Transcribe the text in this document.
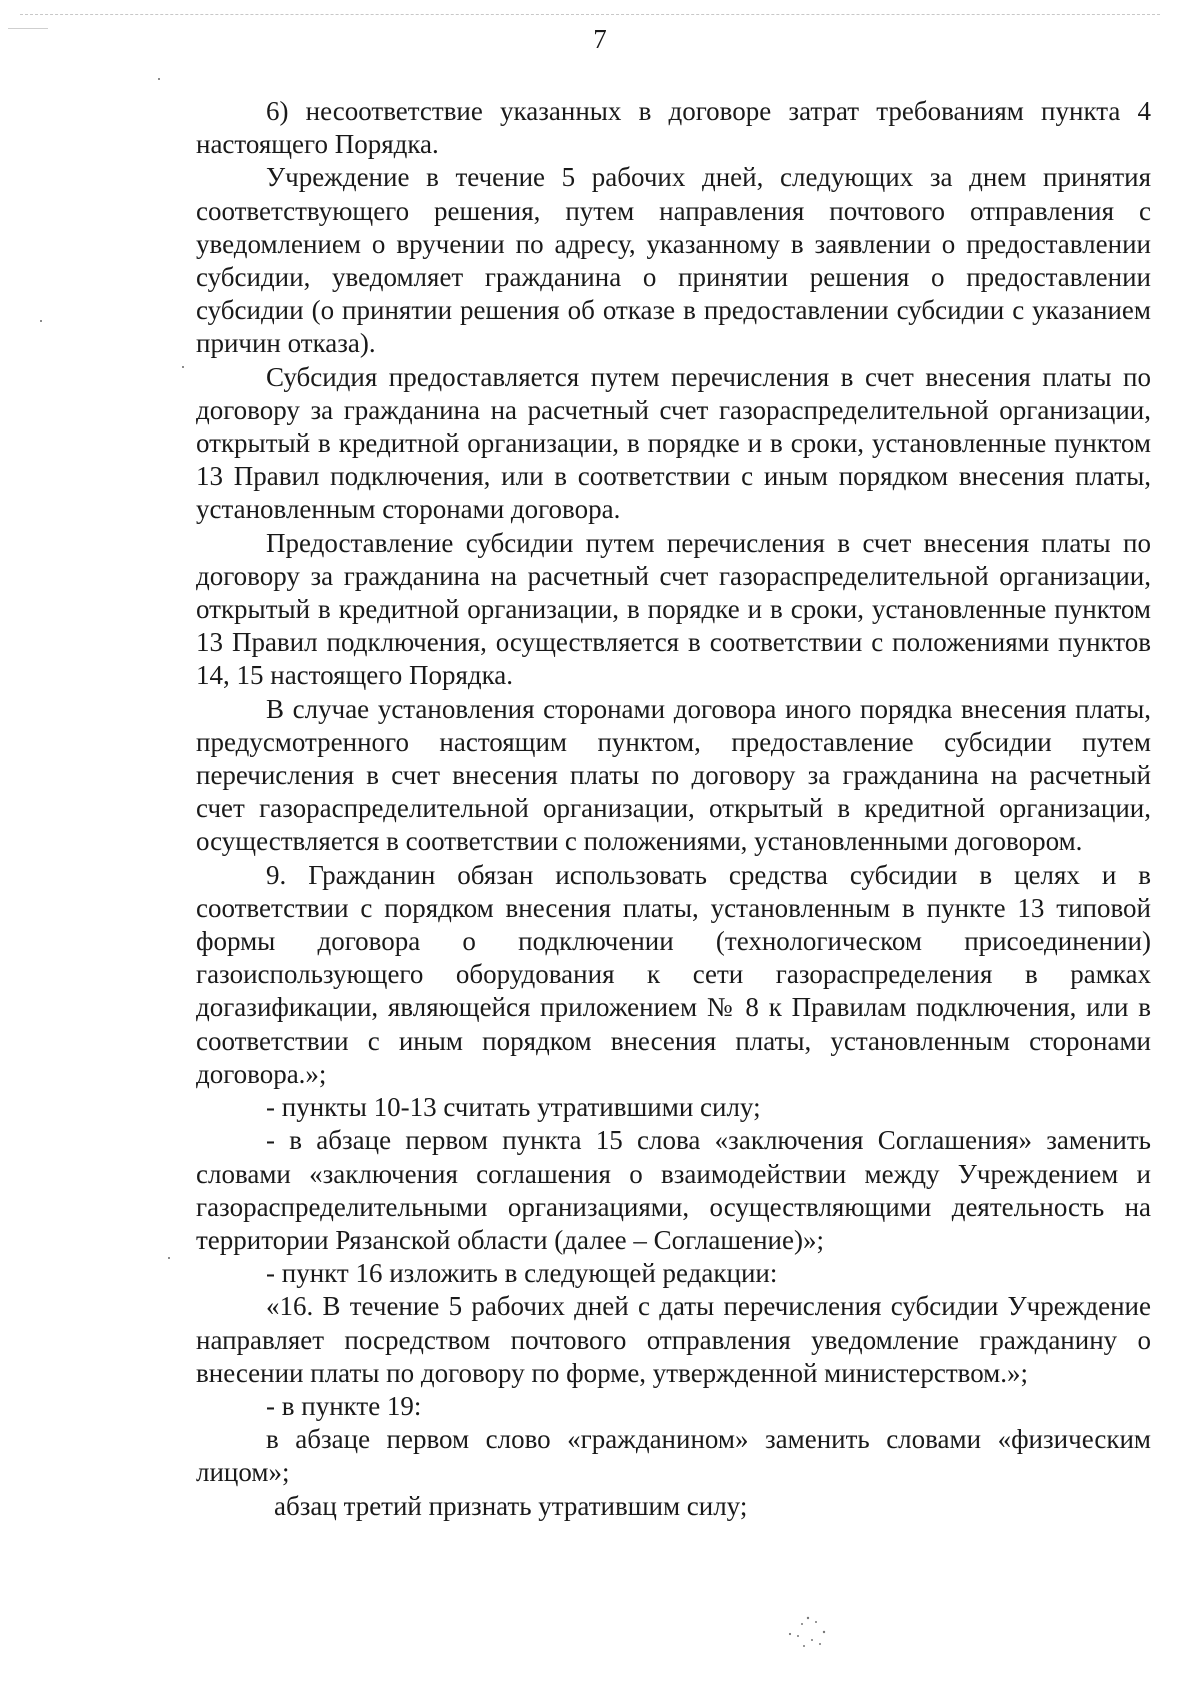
7

6) несоответствие указанных в договоре затрат требованиям пункта 4 настоящего Порядка.

Учреждение в течение 5 рабочих дней, следующих за днем принятия соответствующего решения, путем направления почтового отправления с уведомлением о вручении по адресу, указанному в заявлении о предоставлении субсидии, уведомляет гражданина о принятии решения о предоставлении субсидии (о принятии решения об отказе в предоставлении субсидии с указанием причин отказа).

Субсидия предоставляется путем перечисления в счет внесения платы по договору за гражданина на расчетный счет газораспределительной организации, открытый в кредитной организации, в порядке и в сроки, установленные пунктом 13 Правил подключения, или в соответствии с иным порядком внесения платы, установленным сторонами договора.

Предоставление субсидии путем перечисления в счет внесения платы по договору за гражданина на расчетный счет газораспределительной организации, открытый в кредитной организации, в порядке и в сроки, установленные пунктом 13 Правил подключения, осуществляется в соответствии с положениями пунктов 14, 15 настоящего Порядка.

В случае установления сторонами договора иного порядка внесения платы, предусмотренного настоящим пунктом, предоставление субсидии путем перечисления в счет внесения платы по договору за гражданина на расчетный счет газораспределительной организации, открытый в кредитной организации, осуществляется в соответствии с положениями, установленными договором.

9. Гражданин обязан использовать средства субсидии в целях и в соответствии с порядком внесения платы, установленным в пункте 13 типовой формы договора о подключении (технологическом присоединении) газоиспользующего оборудования к сети газораспределения в рамках догазификации, являющейся приложением № 8 к Правилам подключения, или в соответствии с иным порядком внесения платы, установленным сторонами договора.»;

- пункты 10-13 считать утратившими силу;

- в абзаце первом пункта 15 слова «заключения Соглашения» заменить словами «заключения соглашения о взаимодействии между Учреждением и газораспределительными организациями, осуществляющими деятельность на территории Рязанской области (далее – Соглашение)»;

- пункт 16 изложить в следующей редакции:

«16. В течение 5 рабочих дней с даты перечисления субсидии Учреждение направляет посредством почтового отправления уведомление гражданину о внесении платы по договору по форме, утвержденной министерством.»;

- в пункте 19:

в абзаце первом слово «гражданином» заменить словами «физическим лицом»;

абзац третий признать утратившим силу;
